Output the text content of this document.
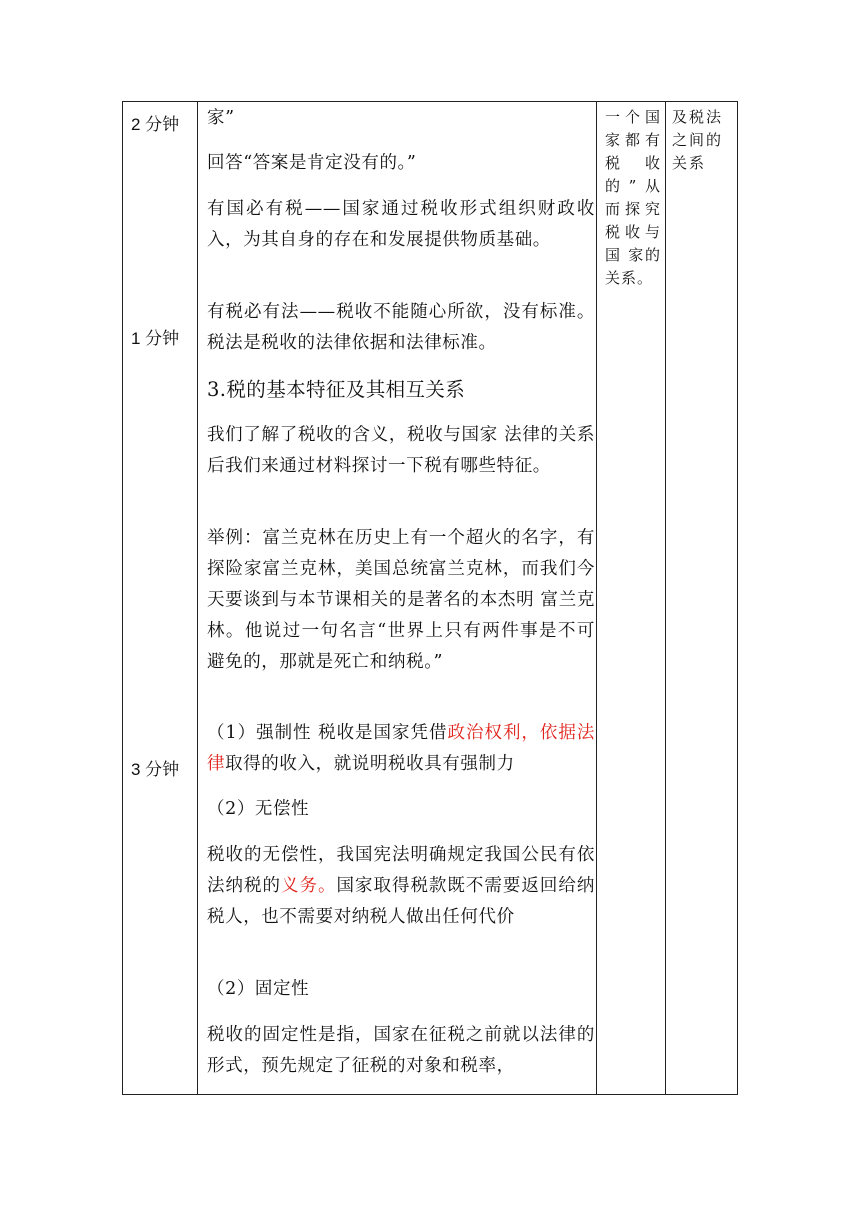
2 分钟
1 分钟
3 分钟

家”

回答“答案是肯定没有的。”

有国必有税——国家通过税收形式组织财政收入，为其自身的存在和发展提供物质基础。

有税必有法——税收不能随心所欲，没有标准。税法是税收的法律依据和法律标准。

3.税的基本特征及其相互关系

我们了解了税收的含义，税收与国家 法律的关系后我们来通过材料探讨一下税有哪些特征。

举例：富兰克林在历史上有一个超火的名字，有探险家富兰克林，美国总统富兰克林，而我们今天要谈到与本节课相关的是著名的本杰明 富兰克林。他说过一句名言“世界上只有两件事是不可避免的，那就是死亡和纳税。”

（1）强制性 税收是国家凭借政治权利，依据法律取得的收入，就说明税收具有强制力

（2）无偿性

税收的无偿性，我国宪法明确规定我国公民有依法纳税的义务。国家取得税款既不需要返回给纳税人，也不需要对纳税人做出任何代价

（2）固定性

税收的固定性是指，国家在征税之前就以法律的形式，预先规定了征税的对象和税率，

一个国家都有税 收的”从而探究税收与国 家的 关系。
及税法之间的关系
